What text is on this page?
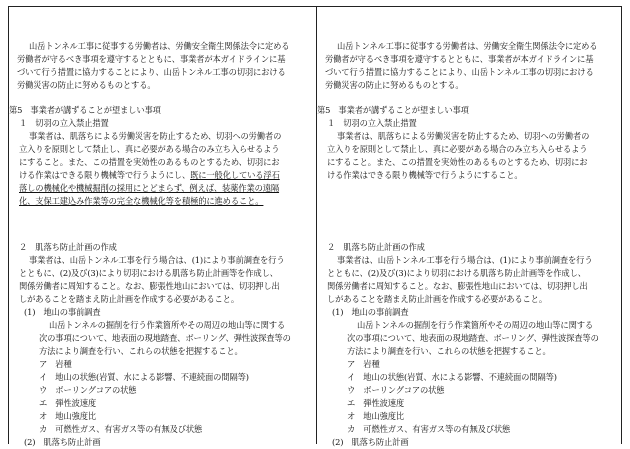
山岳トンネル工事に従事する労働者は、労働安全衛生関係法令に定める
労働者が守るべき事項を遵守するとともに、事業者が本ガイドラインに基
づいて行う措置に協力することにより、山岳トンネル工事の切羽における
労働災害の防止に努めるものとする。
第5　事業者が講ずることが望ましい事項
１　切羽の立入禁止措置
事業者は、肌落ちによる労働災害を防止するため、切羽への労働者の
立入りを原則として禁止し、真に必要がある場合のみ立ち入らせるよう
にすること。また、この措置を実効性のあるものとするため、切羽にお
ける作業はできる限り機械等で行うようにし、既に一般化している浮石
落しの機械化や機械掘削の採用にとどまらず、例えば、装薬作業の遠隔
化、支保工建込み作業等の完全な機械化等を積極的に進めること。
２　肌落ち防止計画の作成
事業者は、山岳トンネル工事を行う場合は、(1)により事前調査を行う
とともに、(2)及び(3)により切羽における肌落ち防止計画等を作成し、
関係労働者に周知すること。なお、膨張性地山においては、切羽押し出
しがあることを踏まえ防止計画を作成する必要があること。
(1)　地山の事前調査
山岳トンネルの掘削を行う作業箇所やその周辺の地山等に関する
次の事項について、地表面の現地踏査、ボーリング、弾性波探査等の
方法により調査を行い、これらの状態を把握すること。
ア　岩種
イ　地山の状態(岩質、水による影響、不連続面の間隔等)
ウ　ボーリングコアの状態
エ　弾性波速度
オ　地山強度比
カ　可燃性ガス、有害ガス等の有無及び状態
(2)　肌落ち防止計画
山岳トンネル工事に従事する労働者は、労働安全衛生関係法令に定める
労働者が守るべき事項を遵守するとともに、事業者が本ガイドラインに基
づいて行う措置に協力することにより、山岳トンネル工事の切羽における
労働災害の防止に努めるものとする。
第5　事業者が講ずることが望ましい事項
１　切羽の立入禁止措置
事業者は、肌落ちによる労働災害を防止するため、切羽への労働者の
立入りを原則として禁止し、真に必要がある場合のみ立ち入らせるよう
にすること。また、この措置を実効性のあるものとするため、切羽にお
ける作業はできる限り機械等で行うようにすること。
２　肌落ち防止計画の作成
事業者は、山岳トンネル工事を行う場合は、(1)により事前調査を行う
とともに、(2)及び(3)により切羽における肌落ち防止計画等を作成し、
関係労働者に周知すること。なお、膨張性地山においては、切羽押し出
しがあることを踏まえ防止計画を作成する必要があること。
(1)　地山の事前調査
山岳トンネルの掘削を行う作業箇所やその周辺の地山等に関する
次の事項について、地表面の現地踏査、ボーリング、弾性波探査等の
方法により調査を行い、これらの状態を把握すること。
ア　岩種
イ　地山の状態(岩質、水による影響、不連続面の間隔等)
ウ　ボーリングコアの状態
エ　弾性波速度
オ　地山強度比
カ　可燃性ガス、有害ガス等の有無及び状態
(2)　肌落ち防止計画
